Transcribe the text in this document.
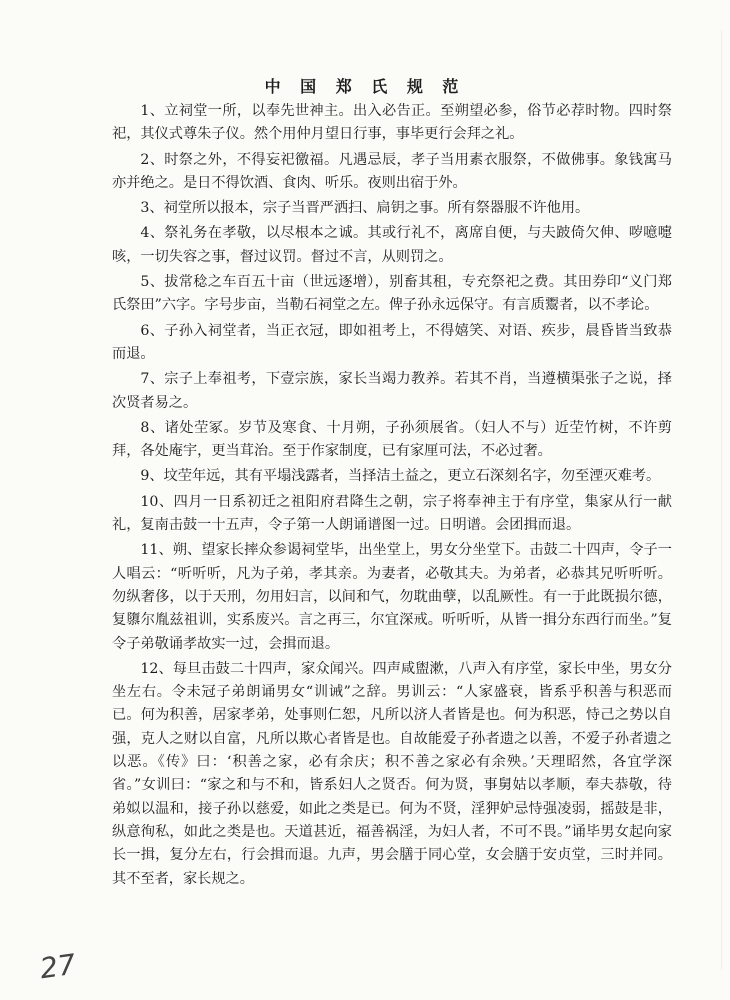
中 国 郑 氏 规 范

1、立祠堂一所，以奉先世神主。出入必告正。至朔望必参，俗节必荐时物。四时祭祀，其仪式尊朱子仪。然个用仲月望日行事，事毕更行会拜之礼。

2、时祭之外，不得妄祀徼福。凡遇忌辰，孝子当用素衣服祭，不做佛事。象钱寓马亦并绝之。是日不得饮酒、食肉、听乐。夜则出宿于外。

3、祠堂所以报本，宗子当晋严洒扫、扃钥之事。所有祭器服不许他用。

4、祭礼务在孝敬，以尽根本之诚。其或行礼不，离席自便，与夫跛倚欠伸、哕噫嚏咳，一切失容之事，督过议罚。督过不言，从则罚之。

5、拔常稔之车百五十亩（世远逐增），别畜其租，专充祭祀之费。其田券印“义门郑氏祭田”六字。字号步亩，当勒石祠堂之左。俾子孙永远保守。有言质鬻者，以不孝论。

6、子孙入祠堂者，当正衣冠，即如祖考上，不得嬉笑、对语、疾步，晨昏皆当致恭而退。

7、宗子上奉祖考，下壹宗族，家长当竭力教养。若其不肖，当遵横渠张子之说，择次贤者易之。

8、诸处茔冢。岁节及寒食、十月朔，子孙须展省。（妇人不与）近茔竹树，不许剪拜，各处庵宇，更当茸治。至于作家制度，已有家厘可法，不必过奢。

9、坟茔年远，其有平塌浅露者，当择洁土益之，更立石深刻名字，勿至湮灭难考。

10、四月一日系初迁之祖阳府君降生之朝，宗子将奉神主于有序堂，集家从行一献礼，复南击鼓一十五声，令子第一人朗诵谱图一过。日明谱。会团揖而退。

11、朔、望家长摔众参谒祠堂毕，出坐堂上，男女分坐堂下。击鼓二十四声，令子一人唱云：“听听听，凡为子弟，孝其亲。为妻者，必敬其夫。为弟者，必恭其兄听听听。勿纵奢侈，以于天刑，勿用妇言，以间和气，勿耽曲孽，以乱厥性。有一于此既损尔德，复隳尔胤兹祖训，实系废兴。言之再三，尔宜深戒。听听听，从皆一揖分东西行而坐。”复令子弟敬诵孝故实一过，会揖而退。

12、每旦击鼓二十四声，家众闻兴。四声咸盥漱，八声入有序堂，家长中坐，男女分坐左右。令未冠子弟朗诵男女“训诫”之辞。男训云：“人家盛衰，皆系乎积善与积恶而已。何为积善，居家孝弟，处事则仁恕，凡所以济人者皆是也。何为积恶，恃己之势以自强，克人之财以自富，凡所以欺心者皆是也。自故能爱子孙者遗之以善，不爱子孙者遗之以恶。《传》曰：‘积善之家，必有余庆；积不善之家必有余殃。’天理昭然，各宜学深省。”女训曰：“家之和与不和，皆系妇人之贤否。何为贤，事舅姑以孝顺，奉夫恭敬，待弟姒以温和，接子孙以慈爱，如此之类是已。何为不贤，淫狎妒忌恃强凌弱，摇鼓是非，纵意徇私，如此之类是也。天道甚近，福善祸淫，为妇人者，不可不畏。”诵毕男女起向家长一揖，复分左右，行会揖而退。九声，男会膳于同心堂，女会膳于安贞堂，三时并同。其不至者，家长规之。

27
